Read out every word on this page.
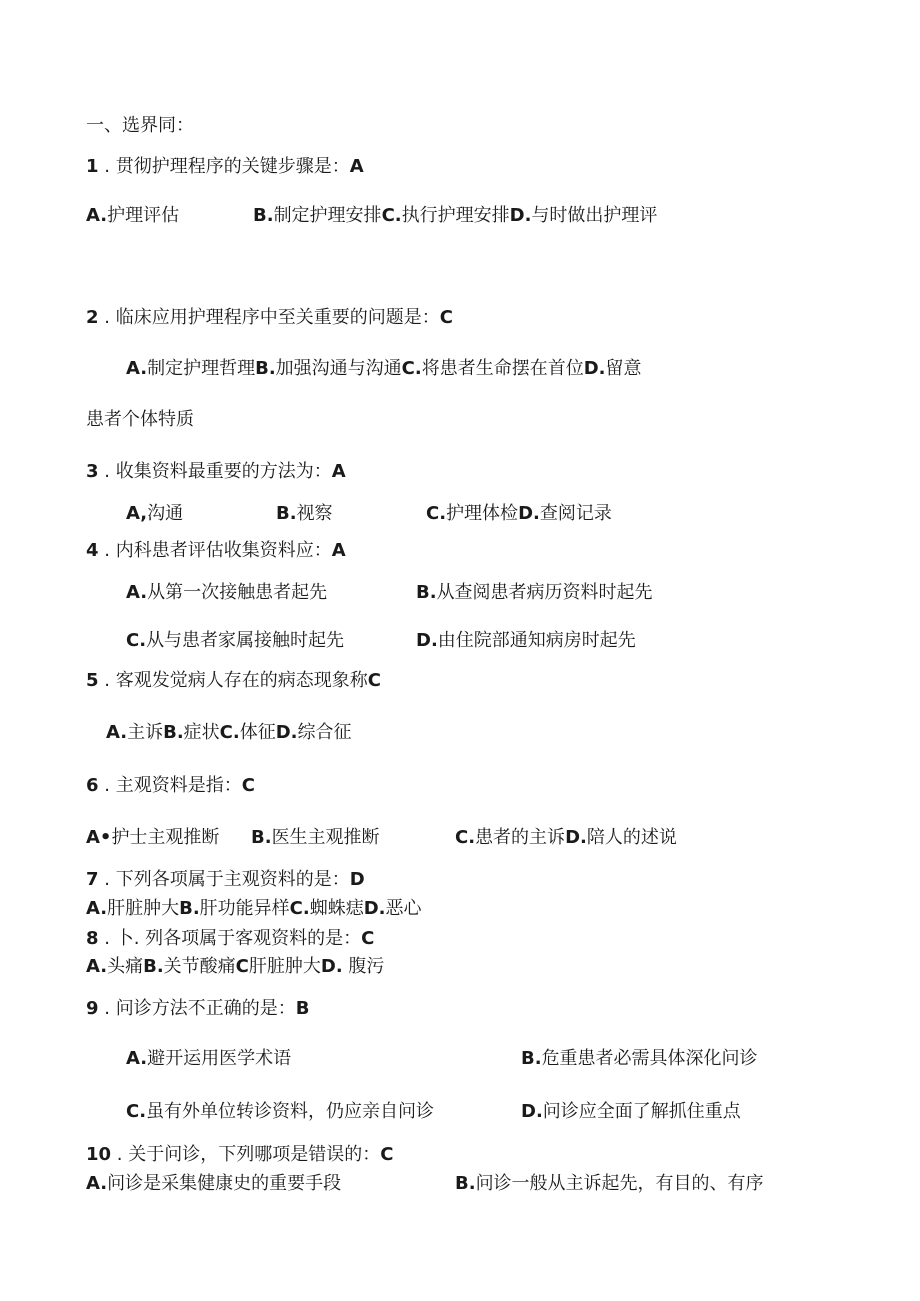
一、选界同：
1 . 贯彻护理程序的关键步骤是：A
A.护理评估	B.制定护理安排C.执行护理安排D.与时做出护理评
2 . 临床应用护理程序中至关重要的问题是：C
A.制定护理哲理B.加强沟通与沟通C.将患者生命摆在首位D.留意
患者个体特质
3 . 收集资料最重要的方法为：A
A,沟通	B.视察	C.护理体检D.查阅记录
4 . 内科患者评估收集资料应：A
A.从第一次接触患者起先	B.从查阅患者病历资料时起先
C.从与患者家属接触时起先	D.由住院部通知病房时起先
5 . 客观发觉病人存在的病态现象称C
A.主诉B.症状C.体征D.综合征
6 . 主观资料是指：C
A•护士主观推断 B.医生主观推断	C.患者的主诉D.陪人的述说
7 . 下列各项属于主观资料的是：D
A.肝脏肿大B.肝功能异样C.蜘蛛痣D.恶心
8 . 卜. 列各项属于客观资料的是：C
A.头痛B.关节酸痛C肝脏肿大D. 腹污
9 . 问诊方法不正确的是：B
A.避开运用医学术语	B.危重患者必需具体深化问诊
C.虽有外单位转诊资料，仍应亲自问诊	D.问诊应全面了解抓住重点
10 . 关于问诊，下列哪项是错误的：C
A.问诊是采集健康史的重要手段	B.问诊一般从主诉起先，有目的、有序
